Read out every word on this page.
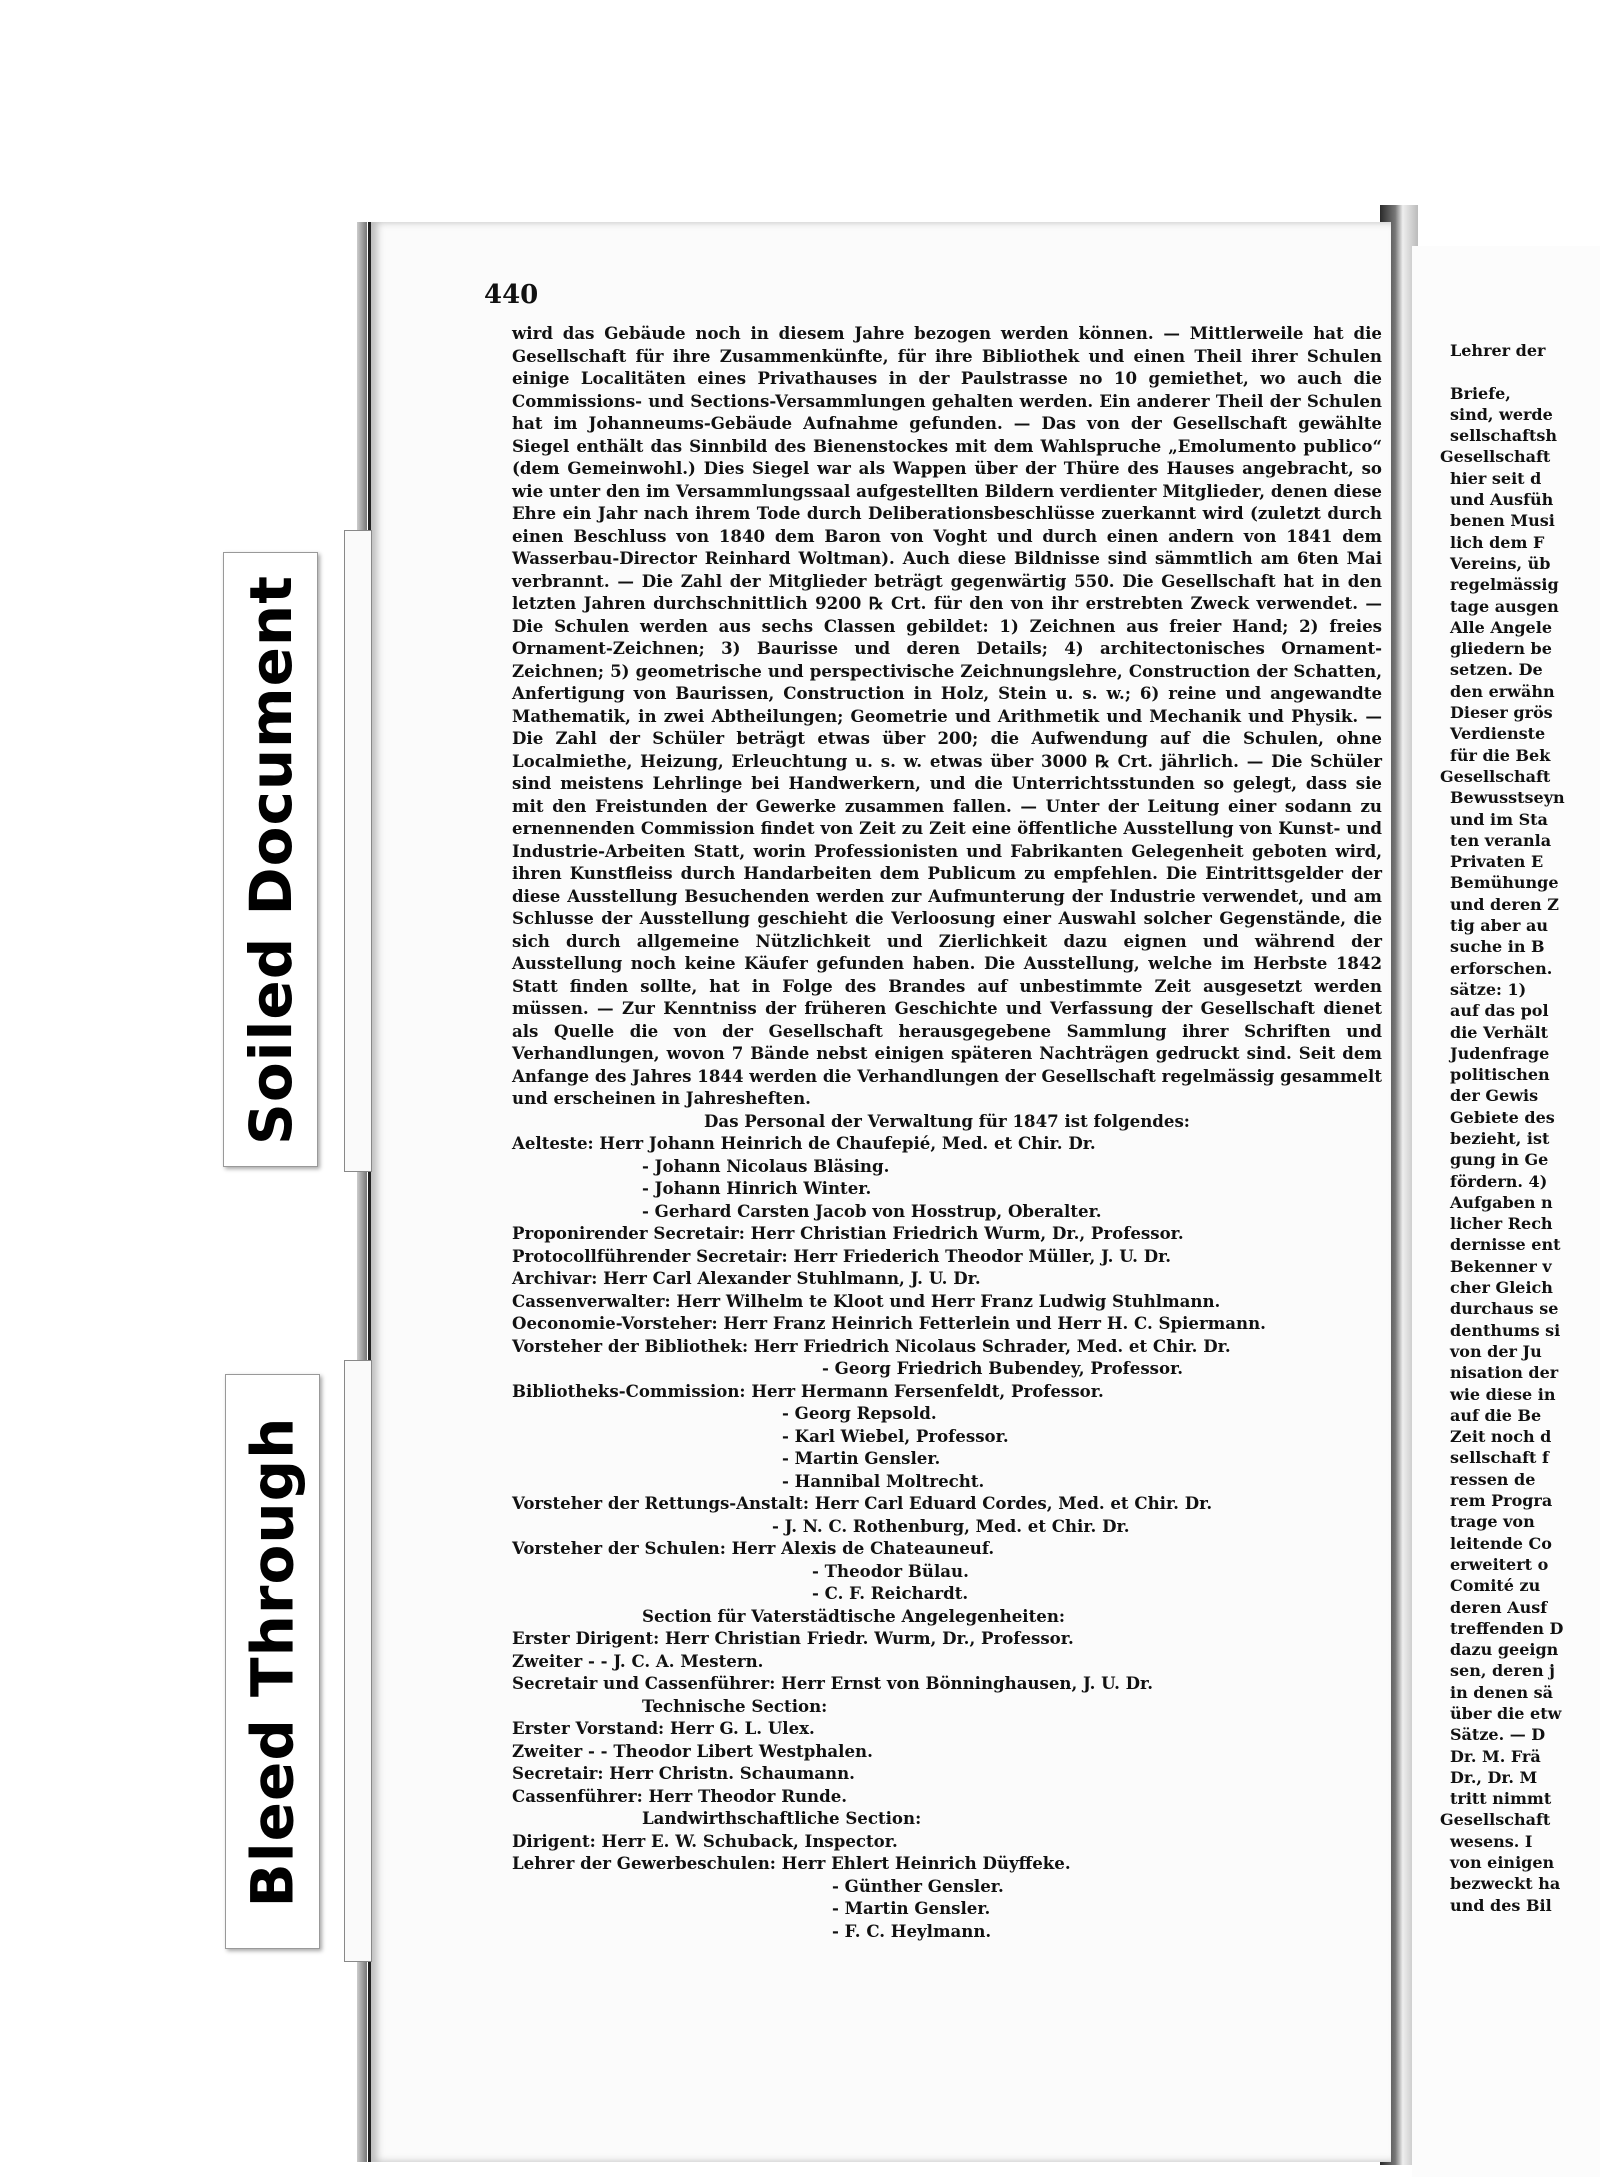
440

wird das Gebäude noch in diesem Jahre bezogen werden können. — Mittlerweile hat die Gesellschaft für ihre Zusammenkünfte, für ihre Bibliothek und einen Theil ihrer Schulen einige Localitäten eines Privathauses in der Paulstrasse no 10 gemiethet, wo auch die Commissions- und Sections-Versammlungen gehalten werden. Ein anderer Theil der Schulen hat im Johanneums-Gebäude Aufnahme gefunden. — Das von der Gesellschaft gewählte Siegel enthält das Sinnbild des Bienenstockes mit dem Wahlspruche „Emolumento publico“ (dem Gemeinwohl.) Dies Siegel war als Wappen über der Thüre des Hauses angebracht, so wie unter den im Versammlungssaal aufgestellten Bildern verdienter Mitglieder, denen diese Ehre ein Jahr nach ihrem Tode durch Deliberationsbeschlüsse zuerkannt wird (zuletzt durch einen Beschluss von 1840 dem Baron von Voght und durch einen andern von 1841 dem Wasserbau-Director Reinhard Woltman). Auch diese Bildnisse sind sämmtlich am 6ten Mai verbrannt. — Die Zahl der Mitglieder beträgt gegenwärtig 550. Die Gesellschaft hat in den letzten Jahren durchschnittlich 9200 ℞ Crt. für den von ihr erstrebten Zweck verwendet. — Die Schulen werden aus sechs Classen gebildet: 1) Zeichnen aus freier Hand; 2) freies Ornament-Zeichnen; 3) Baurisse und deren Details; 4) architectonisches Ornament-Zeichnen; 5) geometrische und perspectivische Zeichnungslehre, Construction der Schatten, Anfertigung von Baurissen, Construction in Holz, Stein u. s. w.; 6) reine und angewandte Mathematik, in zwei Abtheilungen; Geometrie und Arithmetik und Mechanik und Physik. — Die Zahl der Schüler beträgt etwas über 200; die Aufwendung auf die Schulen, ohne Localmiethe, Heizung, Erleuchtung u. s. w. etwas über 3000 ℞ Crt. jährlich. — Die Schüler sind meistens Lehrlinge bei Handwerkern, und die Unterrichtsstunden so gelegt, dass sie mit den Freistunden der Gewerke zusammen fallen. — Unter der Leitung einer sodann zu ernennenden Commission findet von Zeit zu Zeit eine öffentliche Ausstellung von Kunst- und Industrie-Arbeiten Statt, worin Professionisten und Fabrikanten Gelegenheit geboten wird, ihren Kunstfleiss durch Handarbeiten dem Publicum zu empfehlen. Die Eintrittsgelder der diese Ausstellung Besuchenden werden zur Aufmunterung der Industrie verwendet, und am Schlusse der Ausstellung geschieht die Verloosung einer Auswahl solcher Gegenstände, die sich durch allgemeine Nützlichkeit und Zierlichkeit dazu eignen und während der Ausstellung noch keine Käufer gefunden haben. Die Ausstellung, welche im Herbste 1842 Statt finden sollte, hat in Folge des Brandes auf unbestimmte Zeit ausgesetzt werden müssen. — Zur Kenntniss der früheren Geschichte und Verfassung der Gesellschaft dienet als Quelle die von der Gesellschaft herausgegebene Sammlung ihrer Schriften und Verhandlungen, wovon 7 Bände nebst einigen späteren Nachträgen gedruckt sind. Seit dem Anfange des Jahres 1844 werden die Verhandlungen der Gesellschaft regelmässig gesammelt und erscheinen in Jahresheften.

Das Personal der Verwaltung für 1847 ist folgendes:

Aelteste: Herr Johann Heinrich de Chaufepié, Med. et Chir. Dr.
- Johann Nicolaus Bläsing.
- Johann Hinrich Winter.
- Gerhard Carsten Jacob von Hosstrup, Oberalter.
Proponirender Secretair: Herr Christian Friedrich Wurm, Dr., Professor.
Protocollführender Secretair: Herr Friederich Theodor Müller, J. U. Dr.
Archivar: Herr Carl Alexander Stuhlmann, J. U. Dr.
Cassenverwalter: Herr Wilhelm te Kloot und Herr Franz Ludwig Stuhlmann.
Oeconomie-Vorsteher: Herr Franz Heinrich Fetterlein und Herr H. C. Spiermann.
Vorsteher der Bibliothek: Herr Friedrich Nicolaus Schrader, Med. et Chir. Dr.
- Georg Friedrich Bubendey, Professor.
Bibliotheks-Commission: Herr Hermann Fersenfeldt, Professor.
- Georg Repsold.
- Karl Wiebel, Professor.
- Martin Gensler.
- Hannibal Moltrecht.
Vorsteher der Rettungs-Anstalt: Herr Carl Eduard Cordes, Med. et Chir. Dr.
- J. N. C. Rothenburg, Med. et Chir. Dr.
Vorsteher der Schulen: Herr Alexis de Chateauneuf.
- Theodor Bülau.
- C. F. Reichardt.
Section für Vaterstädtische Angelegenheiten:
Erster Dirigent: Herr Christian Friedr. Wurm, Dr., Professor.
Zweiter - - J. C. A. Mestern.
Secretair und Cassenführer: Herr Ernst von Bönninghausen, J. U. Dr.
Technische Section:
Erster Vorstand: Herr G. L. Ulex.
Zweiter - - Theodor Libert Westphalen.
Secretair: Herr Christn. Schaumann.
Cassenführer: Herr Theodor Runde.
Landwirthschaftliche Section:
Dirigent: Herr E. W. Schuback, Inspector.
Lehrer der Gewerbeschulen: Herr Ehlert Heinrich Düyffeke.
- Günther Gensler.
- Martin Gensler.
- F. C. Heylmann.
Lehrer der
Briefe,
sind, werde
sellschaftsh
Gesellschaft
hier seit d
und Ausfüh
benen Musi
lich dem F
Vereins, üb
regelmässig
tage ausgen
Alle Angele
gliedern be
setzen. De
den erwähn
Dieser grös
Verdienste
für die Bek
Gesellschaft
Bewusstseyn
und im Sta
ten veranla
Privaten E
Bemühunge
und deren Z
tig aber au
suche in B
erforschen.
sätze: 1)
auf das pol
die Verhält
Judenfrage
politischen
der Gewis
Gebiete des
bezieht, ist
gung in Ge
fördern. 4)
Aufgaben n
licher Rech
dernisse ent
Bekenner v
cher Gleich
durchaus se
denthums si
von der Ju
nisation der
wie diese in
auf die Be
Zeit noch d
sellschaft f
ressen de
rem Progra
trage von
leitende Co
erweitert o
Comité zu
deren Ausf
treffenden D
dazu geeign
sen, deren j
in denen sä
über die etw
Sätze. — D
Dr. M. Frä
Dr., Dr. M
tritt nimmt
Gesellschaft
wesens. I
von einigen
bezweckt ha
und des Bil
Soiled Document
Bleed Through
